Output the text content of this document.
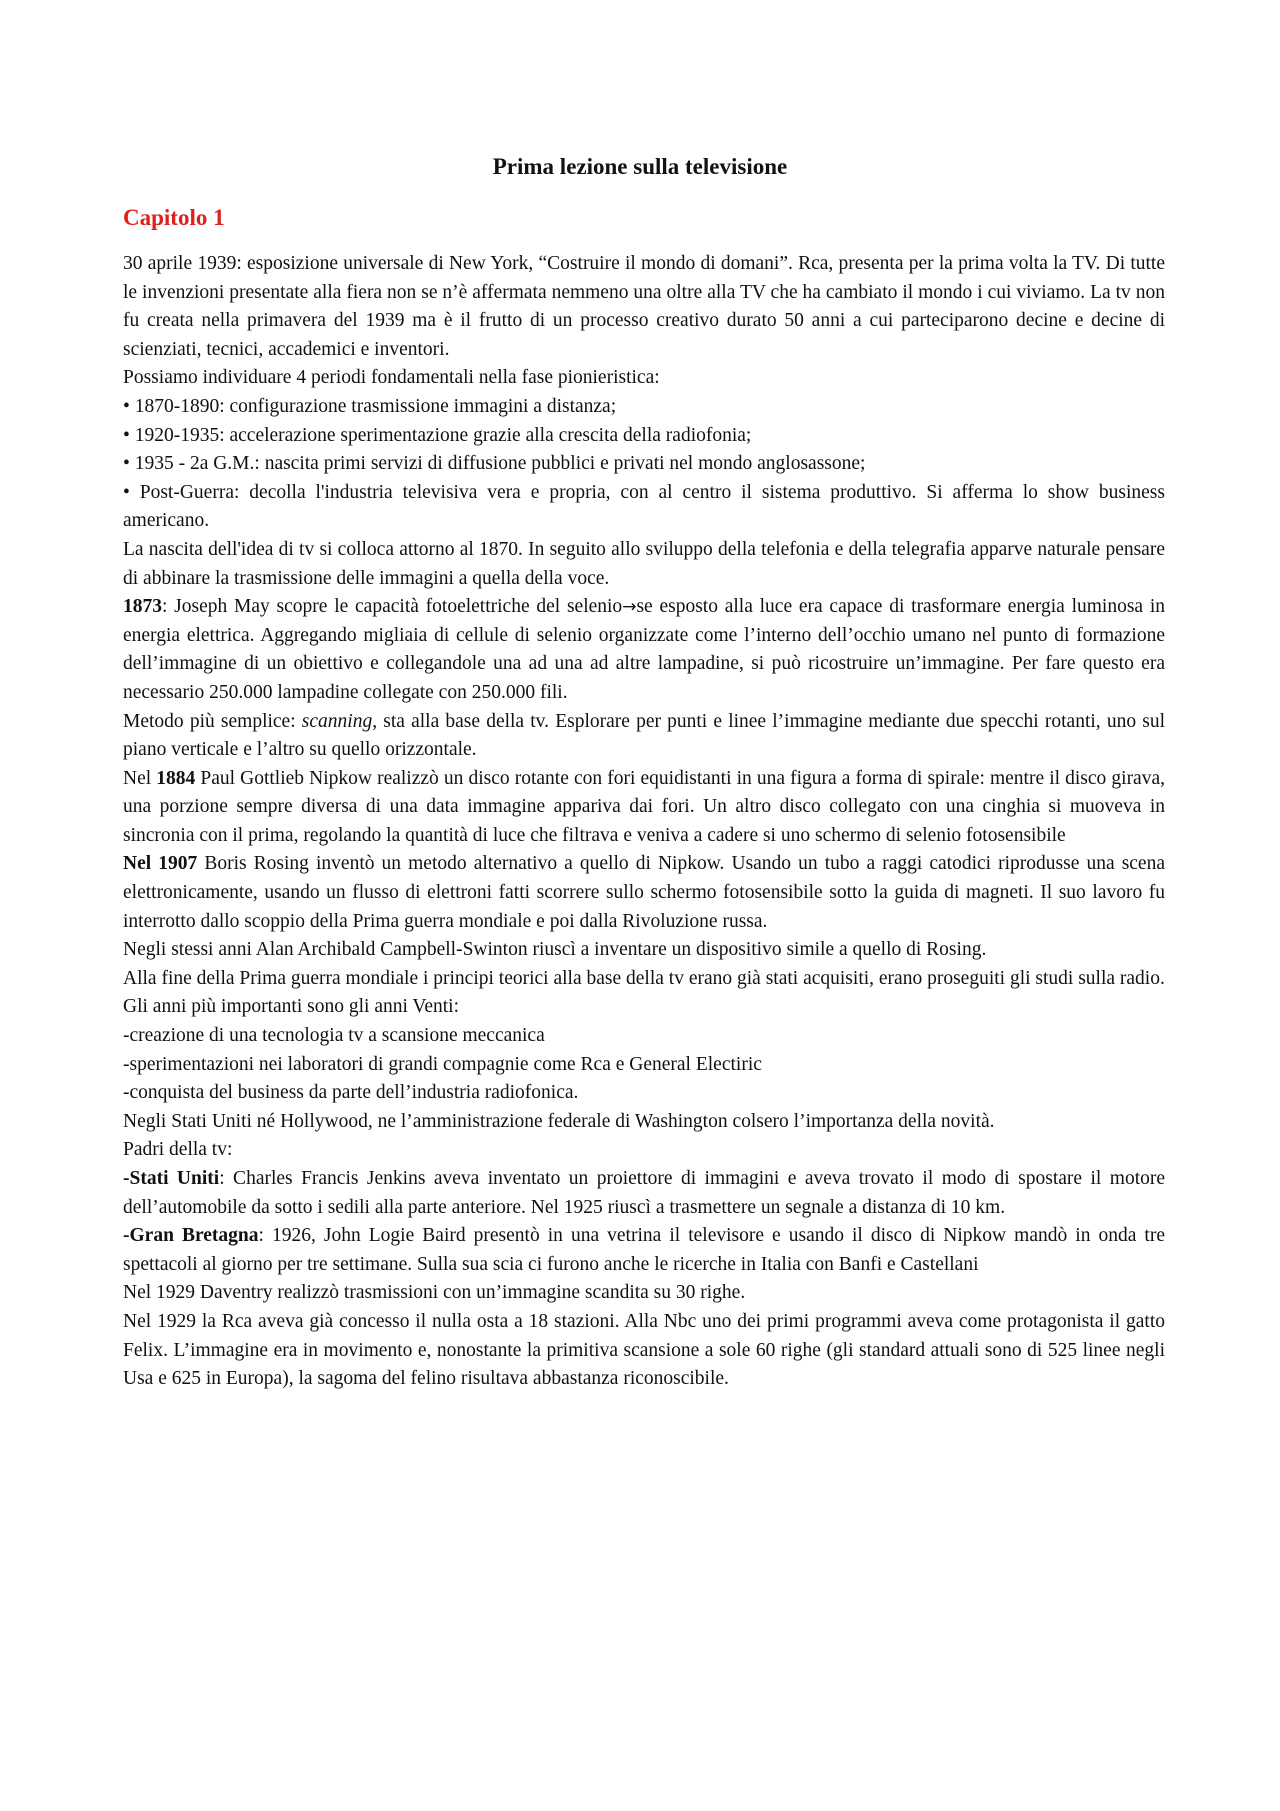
Prima lezione sulla televisione
Capitolo 1

30 aprile 1939: esposizione universale di New York, “Costruire il mondo di domani”. Rca, presenta per la prima volta la TV. Di tutte le invenzioni presentate alla fiera non se n’è affermata nemmeno una oltre alla TV che ha cambiato il mondo i cui viviamo. La tv non fu creata nella primavera del 1939 ma è il frutto di un processo creativo durato 50 anni a cui parteciparono decine e decine di scienziati, tecnici, accademici e inventori.

Possiamo individuare 4 periodi fondamentali nella fase pionieristica:

• 1870-1890: configurazione trasmissione immagini a distanza;

• 1920-1935: accelerazione sperimentazione grazie alla crescita della radiofonia;

• 1935 - 2a G.M.: nascita primi servizi di diffusione pubblici e privati nel mondo anglosassone;

• Post-Guerra: decolla l'industria televisiva vera e propria, con al centro il sistema produttivo. Si afferma lo show business americano.

La nascita dell'idea di tv si colloca attorno al 1870. In seguito allo sviluppo della telefonia e della telegrafia apparve naturale pensare di abbinare la trasmissione delle immagini a quella della voce.

1873: Joseph May scopre le capacità fotoelettriche del selenio→se esposto alla luce era capace di trasformare energia luminosa in energia elettrica. Aggregando migliaia di cellule di selenio organizzate come l’interno dell’occhio umano nel punto di formazione dell’immagine di un obiettivo e collegandole una ad una ad altre lampadine, si può ricostruire un’immagine. Per fare questo era necessario 250.000 lampadine collegate con 250.000 fili.

Metodo più semplice: scanning, sta alla base della tv. Esplorare per punti e linee l’immagine mediante due specchi rotanti, uno sul piano verticale e l’altro su quello orizzontale.

Nel 1884 Paul Gottlieb Nipkow realizzò un disco rotante con fori equidistanti in una figura a forma di spirale: mentre il disco girava, una porzione sempre diversa di una data immagine appariva dai fori. Un altro disco collegato con una cinghia si muoveva in sincronia con il prima, regolando la quantità di luce che filtrava e veniva a cadere si uno schermo di selenio fotosensibile

Nel 1907 Boris Rosing inventò un metodo alternativo a quello di Nipkow. Usando un tubo a raggi catodici riprodusse una scena elettronicamente, usando un flusso di elettroni fatti scorrere sullo schermo fotosensibile sotto la guida di magneti. Il suo lavoro fu interrotto dallo scoppio della Prima guerra mondiale e poi dalla Rivoluzione russa.

Negli stessi anni Alan Archibald Campbell-Swinton riuscì a inventare un dispositivo simile a quello di Rosing.

Alla fine della Prima guerra mondiale i principi teorici alla base della tv erano già stati acquisiti, erano proseguiti gli studi sulla radio.

Gli anni più importanti sono gli anni Venti:

-creazione di una tecnologia tv a scansione meccanica

-sperimentazioni nei laboratori di grandi compagnie come Rca e General Electiric

-conquista del business da parte dell’industria radiofonica.

Negli Stati Uniti né Hollywood, ne l’amministrazione federale di Washington colsero l’importanza della novità.

Padri della tv:

-Stati Uniti: Charles Francis Jenkins aveva inventato un proiettore di immagini e aveva trovato il modo di spostare il motore dell’automobile da sotto i sedili alla parte anteriore. Nel 1925 riuscì a trasmettere un segnale a distanza di 10 km.

-Gran Bretagna: 1926, John Logie Baird presentò in una vetrina il televisore e usando il disco di Nipkow mandò in onda tre spettacoli al giorno per tre settimane. Sulla sua scia ci furono anche le ricerche in Italia con Banfi e Castellani

Nel 1929 Daventry realizzò trasmissioni con un’immagine scandita su 30 righe.

Nel 1929 la Rca aveva già concesso il nulla osta a 18 stazioni. Alla Nbc uno dei primi programmi aveva come protagonista il gatto Felix. L’immagine era in movimento e, nonostante la primitiva scansione a sole 60 righe (gli standard attuali sono di 525 linee negli Usa e 625 in Europa), la sagoma del felino risultava abbastanza riconoscibile.
